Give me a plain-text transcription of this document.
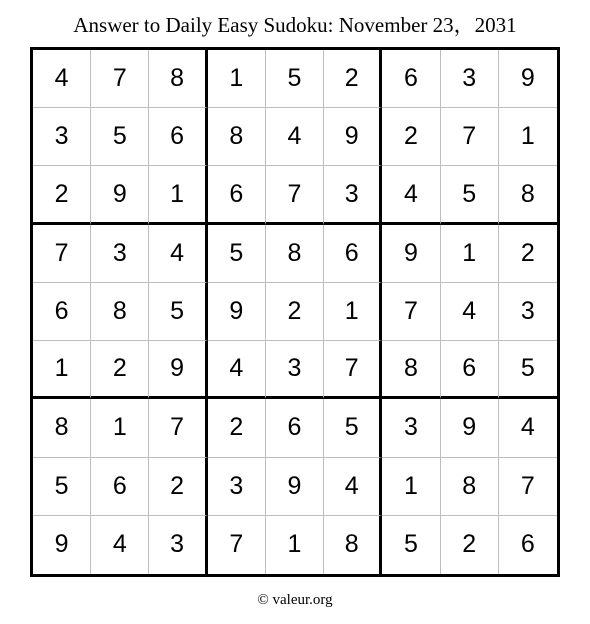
Answer to Daily Easy Sudoku: November 23，2031
4	7	8	1	5	2	6	3	9
3	5	6	8	4	9	2	7	1
2	9	1	6	7	3	4	5	8
7	3	4	5	8	6	9	1	2
6	8	5	9	2	1	7	4	3
1	2	9	4	3	7	8	6	5
8	1	7	2	6	5	3	9	4
5	6	2	3	9	4	1	8	7
9	4	3	7	1	8	5	2	6
© valeur.org
